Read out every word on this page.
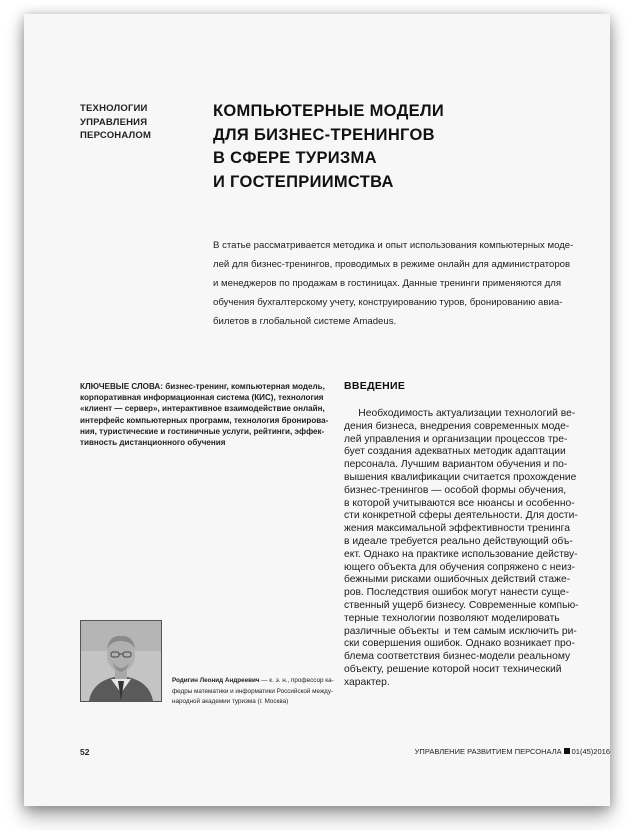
ТЕХНОЛОГИИ
УПРАВЛЕНИЯ
ПЕРСОНАЛОМ
КОМПЬЮТЕРНЫЕ МОДЕЛИ
ДЛЯ БИЗНЕС-ТРЕНИНГОВ
В СФЕРЕ ТУРИЗМА
И ГОСТЕПРИИМСТВА
В статье рассматривается методика и опыт использования компьютерных моде-
лей для бизнес-тренингов, проводимых в режиме онлайн для администраторов
и менеджеров по продажам в гостиницах. Данные тренинги применяются для
обучения бухгалтерскому учету, конструированию туров, бронированию авиа-
билетов в глобальной системе Amadeus.
КЛЮЧЕВЫЕ СЛОВА: бизнес-тренинг, компьютерная модель,
корпоративная информационная система (КИС), технология
«клиент — сервер», интерактивное взаимодействие онлайн,
интерфейс компьютерных программ, технология бронирова-
ния, туристические и гостиничные услуги, рейтинги, эффек-
тивность дистанционного обучения
ВВЕДЕНИЕ
Необходимость актуализации технологий ве-
дения бизнеса, внедрения современных моде-
лей управления и организации процессов тре-
бует создания адекватных методик адаптации
персонала. Лучшим вариантом обучения и по-
вышения квалификации считается прохождение
бизнес-тренингов — особой формы обучения,
в которой учитываются все нюансы и особенно-
сти конкретной сферы деятельности. Для дости-
жения максимальной эффективности тренинга
в идеале требуется реально действующий объ-
ект. Однако на практике использование действу-
ющего объекта для обучения сопряжено с неиз-
бежными рисками ошибочных действий стаже-
ров. Последствия ошибок могут нанести суще-
ственный ущерб бизнесу. Современные компью-
терные технологии позволяют моделировать
различные объекты  и тем самым исключить ри-
ски совершения ошибок. Однако возникает про-
блема соответствия бизнес-модели реальному
объекту, решение которой носит технический
характер.
Родигин Леонид Андреевич — к. э. н., профессор ка-
федры математики и информатики Российской между-
народной академии туризма (г. Москва)
52	УПРАВЛЕНИЕ РАЗВИТИЕМ ПЕРСОНАЛА 01(45)2016
